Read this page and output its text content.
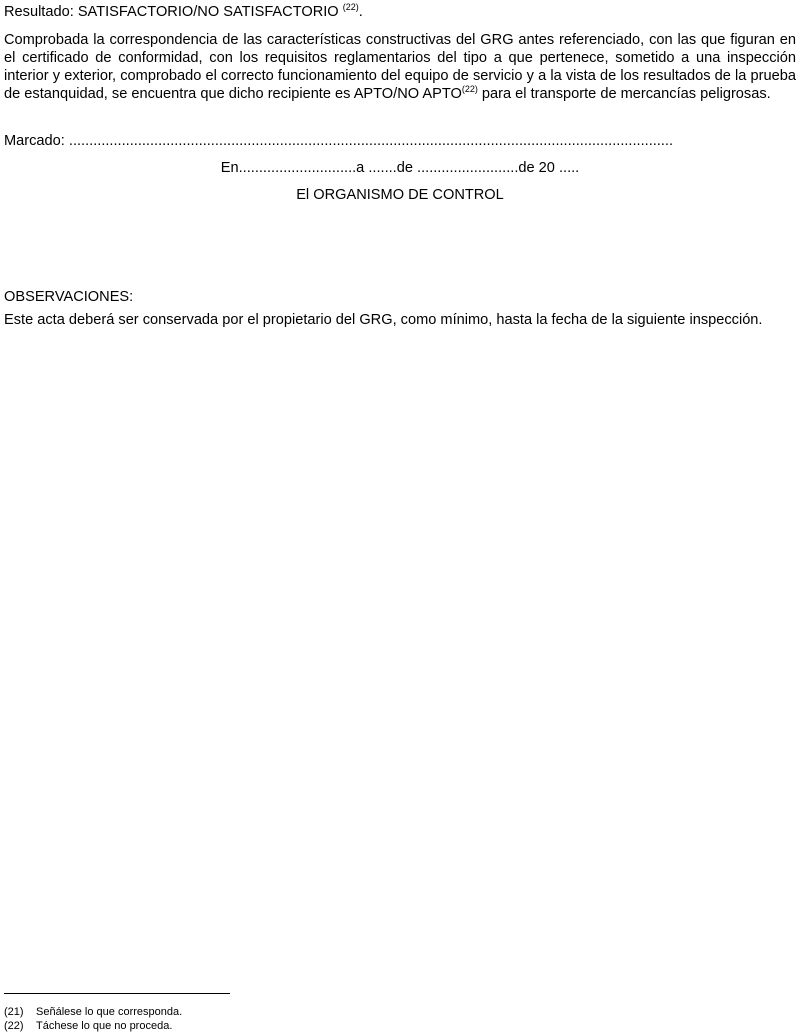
Resultado: SATISFACTORIO/NO SATISFACTORIO $^{(22)}$.

Comprobada la correspondencia de las características constructivas del GRG antes referenciado, con las que figuran en el certificado de conformidad, con los requisitos reglamentarios del tipo a que pertenece, sometido a una inspección interior y exterior, comprobado el correcto funcionamiento del equipo de servicio y a la vista de los resultados de la prueba de estanquidad, se encuentra que dicho recipiente es APTO/NO APTO$^{(22)}$ para el transporte de mercancías peligrosas.

Marcado: .....................................................................................................................................................

En.............................a .......de .........................de 20 .....

El ORGANISMO DE CONTROL

OBSERVACIONES:

Este acta deberá ser conservada por el propietario del GRG, como mínimo, hasta la fecha de la siguiente inspección.

(21) Señálese lo que corresponda.
(22) Táchese lo que no proceda.
